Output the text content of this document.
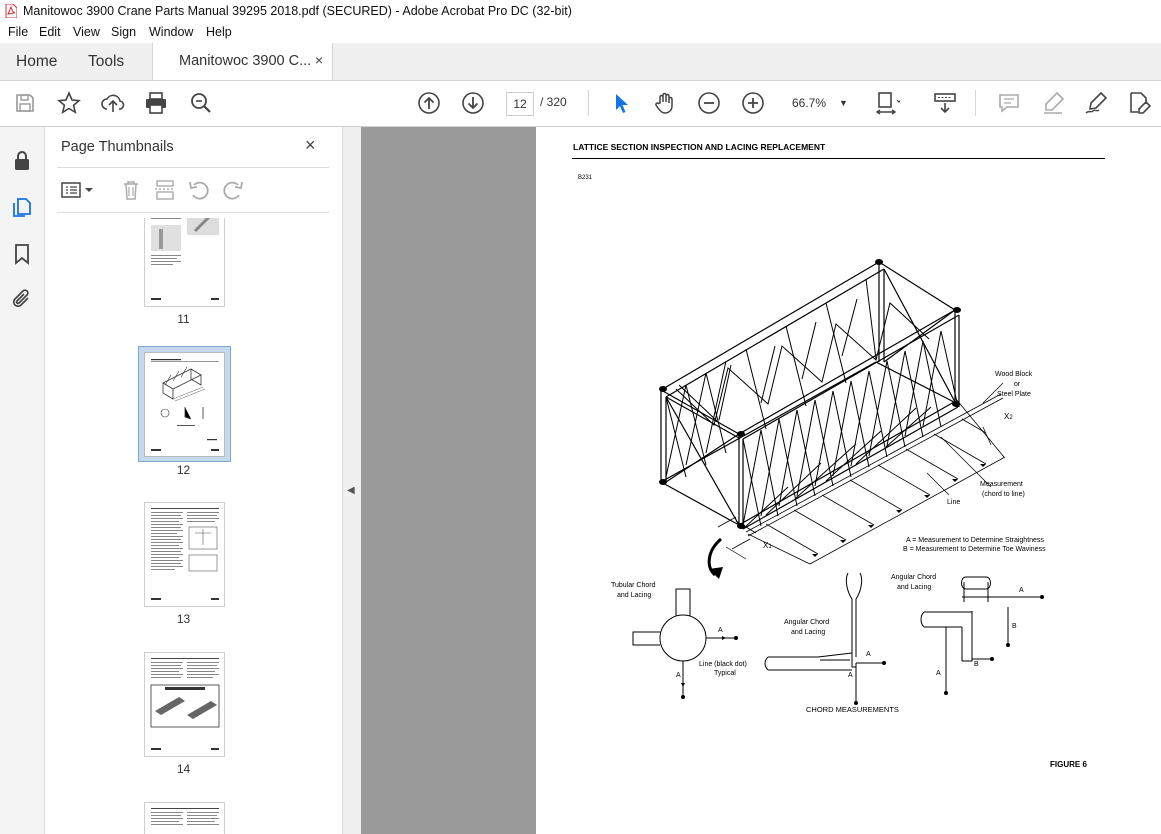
Manitowoc 3900 Crane Parts Manual 39295 2018.pdf (SECURED) - Adobe Acrobat Pro DC (32-bit)
File Edit View Sign Window Help
Home Tools	Manitowoc 3900 C... ×
12	/ 320	66.7% ▼
Page Thumbnails	×
11
12
13
14
◀
LATTICE SECTION INSPECTION AND LACING REPLACEMENT
B231
Wood Block
or
Steel Plate
X2
Measurement
(chord to line)
Line
X1
A = Measurement to Determine Straightness
B = Measurement to Determine Toe Waviness
Tubular Chord
and Lacing
A
A
Line (black dot)
Typical
Angular Chord
and Lacing
A
A
Angular Chord
and Lacing	A
B
B
A
CHORD MEASUREMENTS
FIGURE 6
